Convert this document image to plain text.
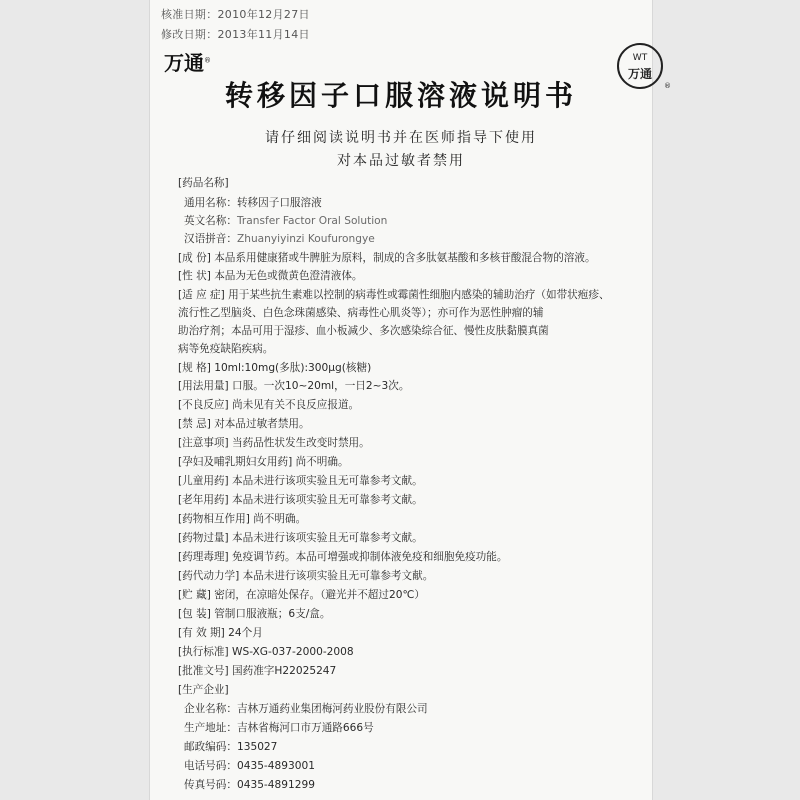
核准日期：2010年12月27日
修改日期：2013年11月14日
万通®	WT
万通
®
转移因子口服溶液说明书
请仔细阅读说明书并在医师指导下使用
对本品过敏者禁用
[药品名称]
通用名称：转移因子口服溶液
英文名称：Transfer Factor Oral Solution
汉语拼音：Zhuanyiyinzi Koufurongye
[成 份] 本品系用健康猪或牛脾脏为原料，制成的含多肽氨基酸和多核苷酸混合物的溶液。
[性 状] 本品为无色或微黄色澄清液体。
[适 应 症] 用于某些抗生素难以控制的病毒性或霉菌性细胞内感染的辅助治疗（如带状疱疹、
流行性乙型脑炎、白色念珠菌感染、病毒性心肌炎等）；亦可作为恶性肿瘤的辅
助治疗剂；本品可用于湿疹、血小板减少、多次感染综合征、慢性皮肤黏膜真菌
病等免疫缺陷疾病。
[规 格] 10ml:10mg(多肽):300μg(核糖)
[用法用量] 口服。一次10~20ml，一日2~3次。
[不良反应] 尚未见有关不良反应报道。
[禁 忌] 对本品过敏者禁用。
[注意事项] 当药品性状发生改变时禁用。
[孕妇及哺乳期妇女用药] 尚不明确。
[儿童用药] 本品未进行该项实验且无可靠参考文献。
[老年用药] 本品未进行该项实验且无可靠参考文献。
[药物相互作用] 尚不明确。
[药物过量] 本品未进行该项实验且无可靠参考文献。
[药理毒理] 免疫调节药。本品可增强或抑制体液免疫和细胞免疫功能。
[药代动力学] 本品未进行该项实验且无可靠参考文献。
[贮 藏] 密闭，在凉暗处保存。（避光并不超过20℃）
[包 装] 管制口服液瓶；6支/盒。
[有 效 期] 24个月
[执行标准] WS-XG-037-2000-2008
[批准文号] 国药准字H22025247
[生产企业]
企业名称：吉林万通药业集团梅河药业股份有限公司
生产地址：吉林省梅河口市万通路666号
邮政编码：135027
电话号码：0435-4893001
传真号码：0435-4891299
